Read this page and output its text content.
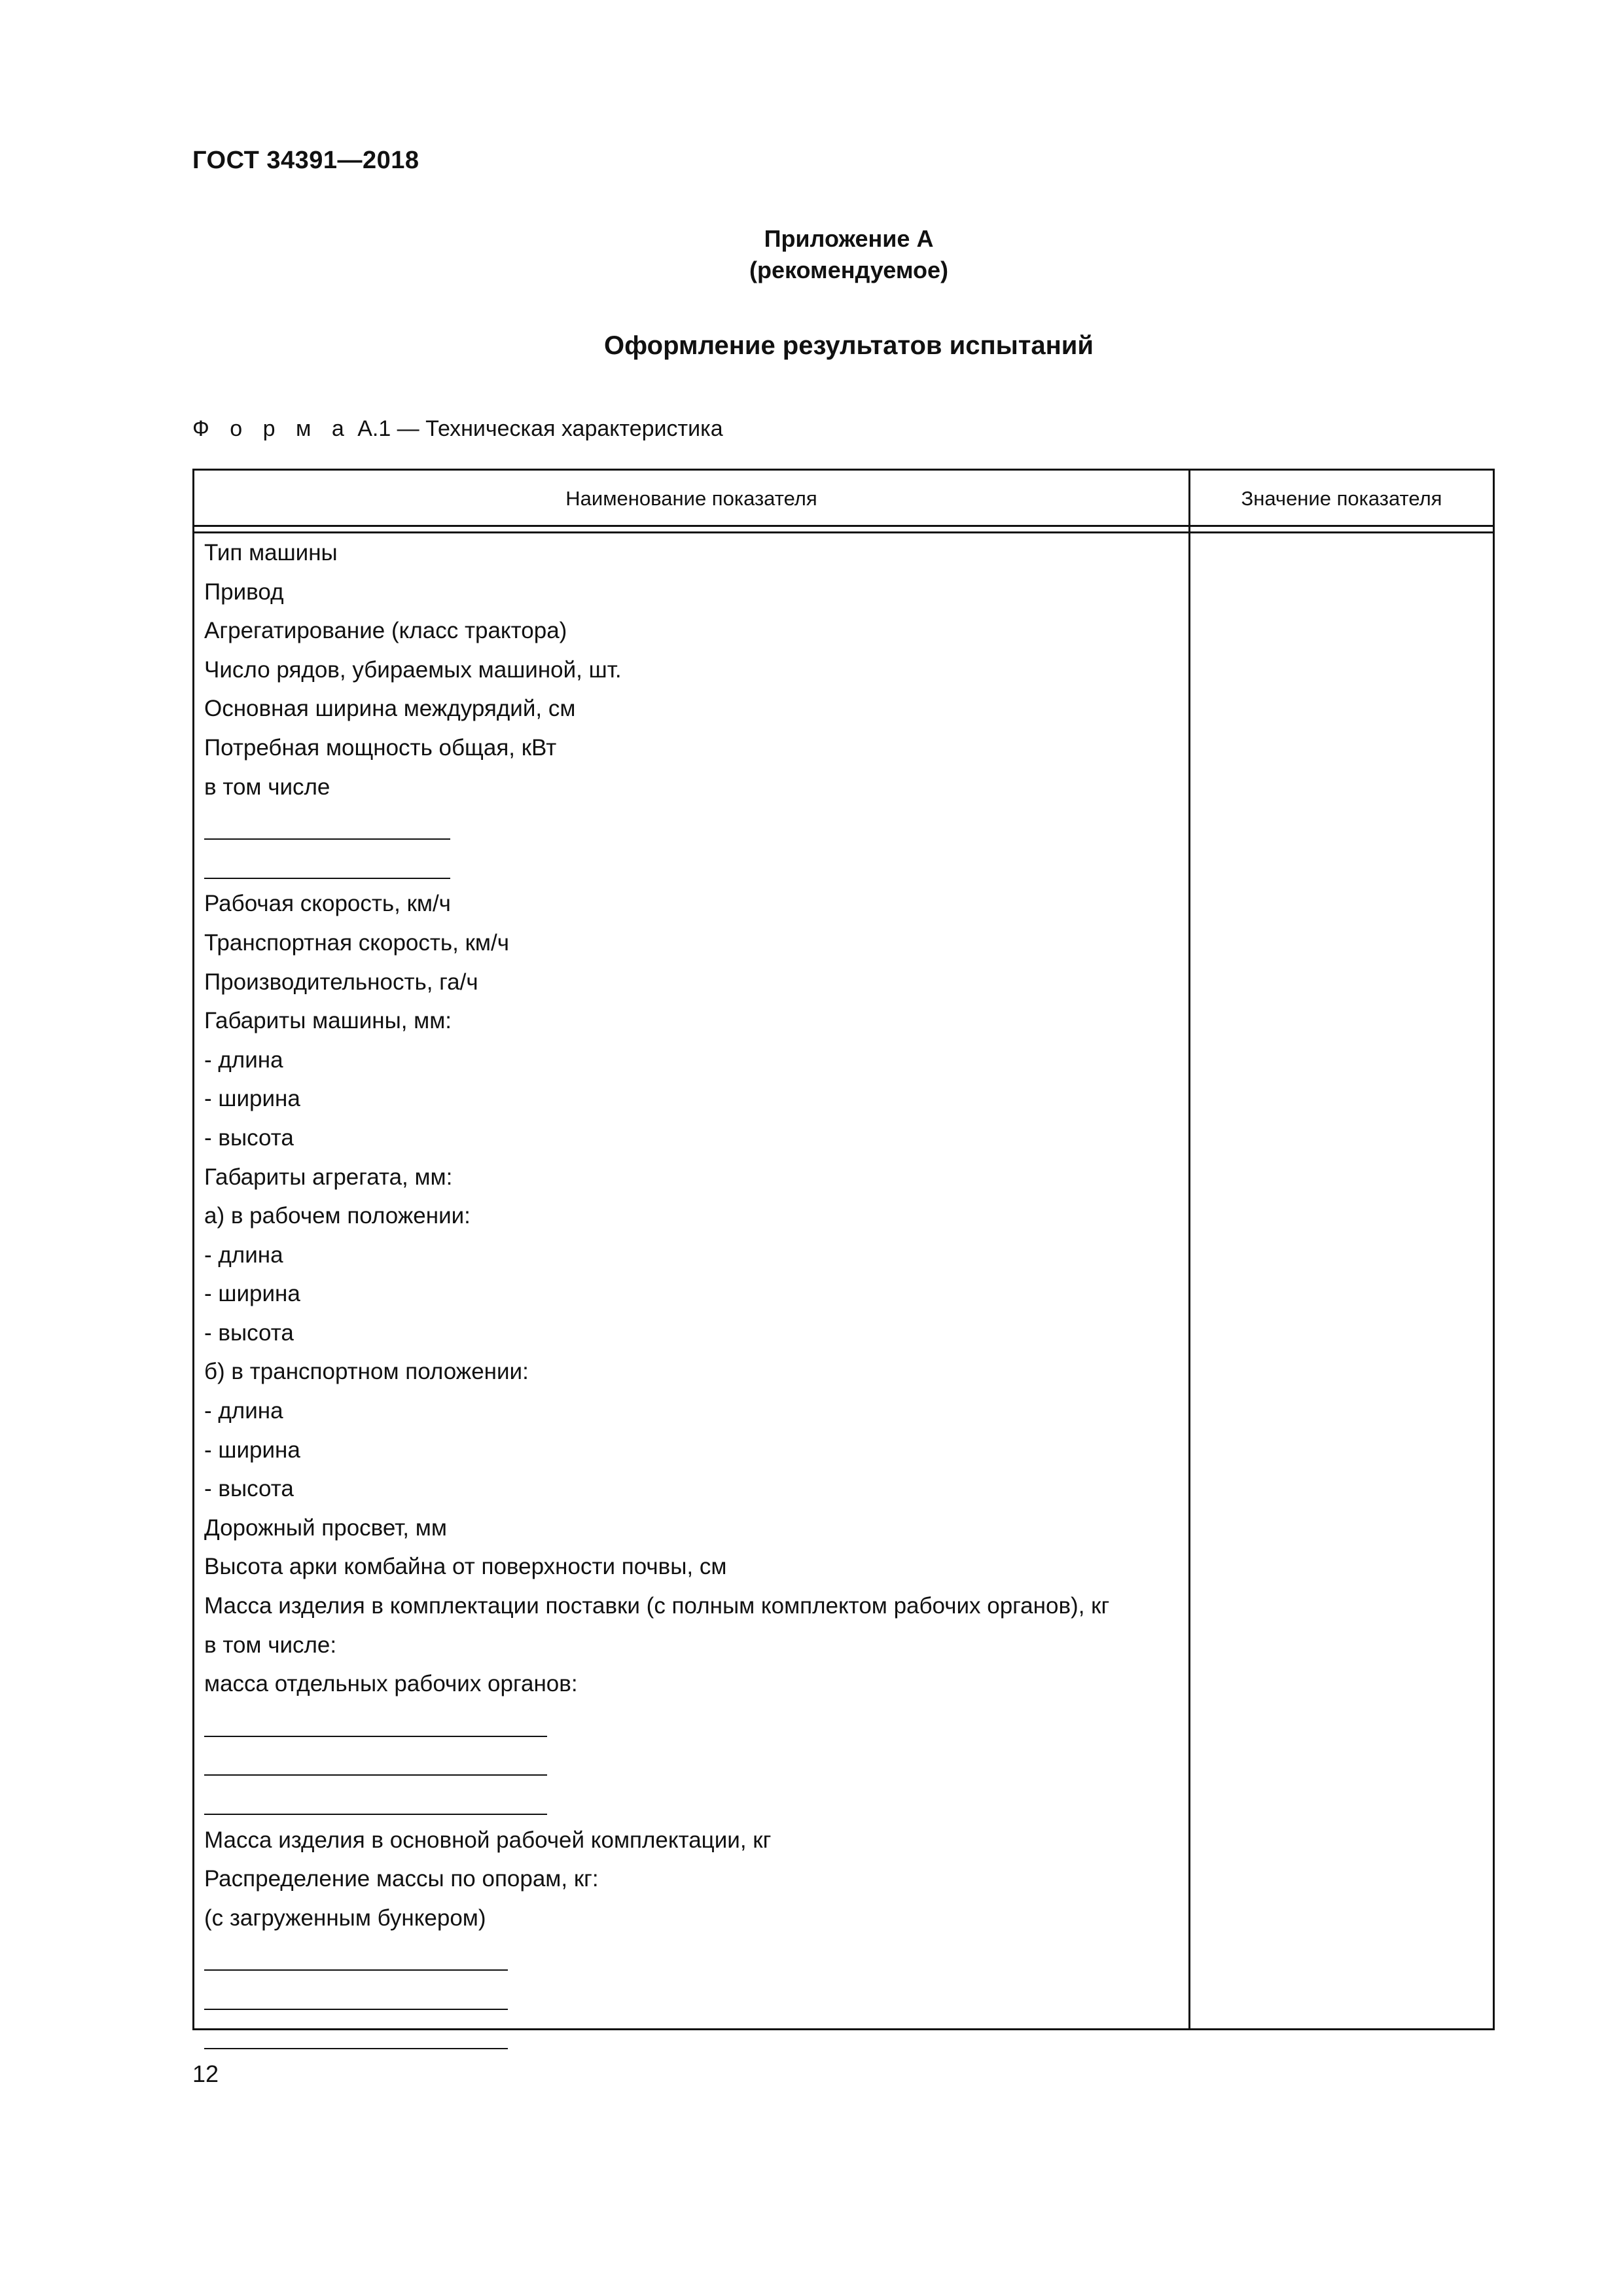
ГОСТ 34391—2018
Приложение А
(рекомендуемое)
Оформление результатов испытаний
Ф о р м а А.1 — Техническая характеристика
Наименование показателя	Значение показателя
Тип машины
Привод
Агрегатирование (класс трактора)
Число рядов, убираемых машиной, шт.
Основная ширина междурядий, см
Потребная мощность общая, кВт
в том числе
Рабочая скорость, км/ч
Транспортная скорость, км/ч
Производительность, га/ч
Габариты машины, мм:
- длина
- ширина
- высота
Габариты агрегата, мм:
а) в рабочем положении:
- длина
- ширина
- высота
б) в транспортном положении:
- длина
- ширина
- высота
Дорожный просвет, мм
Высота арки комбайна от поверхности почвы, см
Масса изделия в комплектации поставки (с полным комплектом рабочих органов), кг
в том числе:
масса отдельных рабочих органов:
Масса изделия в основной рабочей комплектации, кг
Распределение массы по опорам, кг:
(с загруженным бункером)
12
